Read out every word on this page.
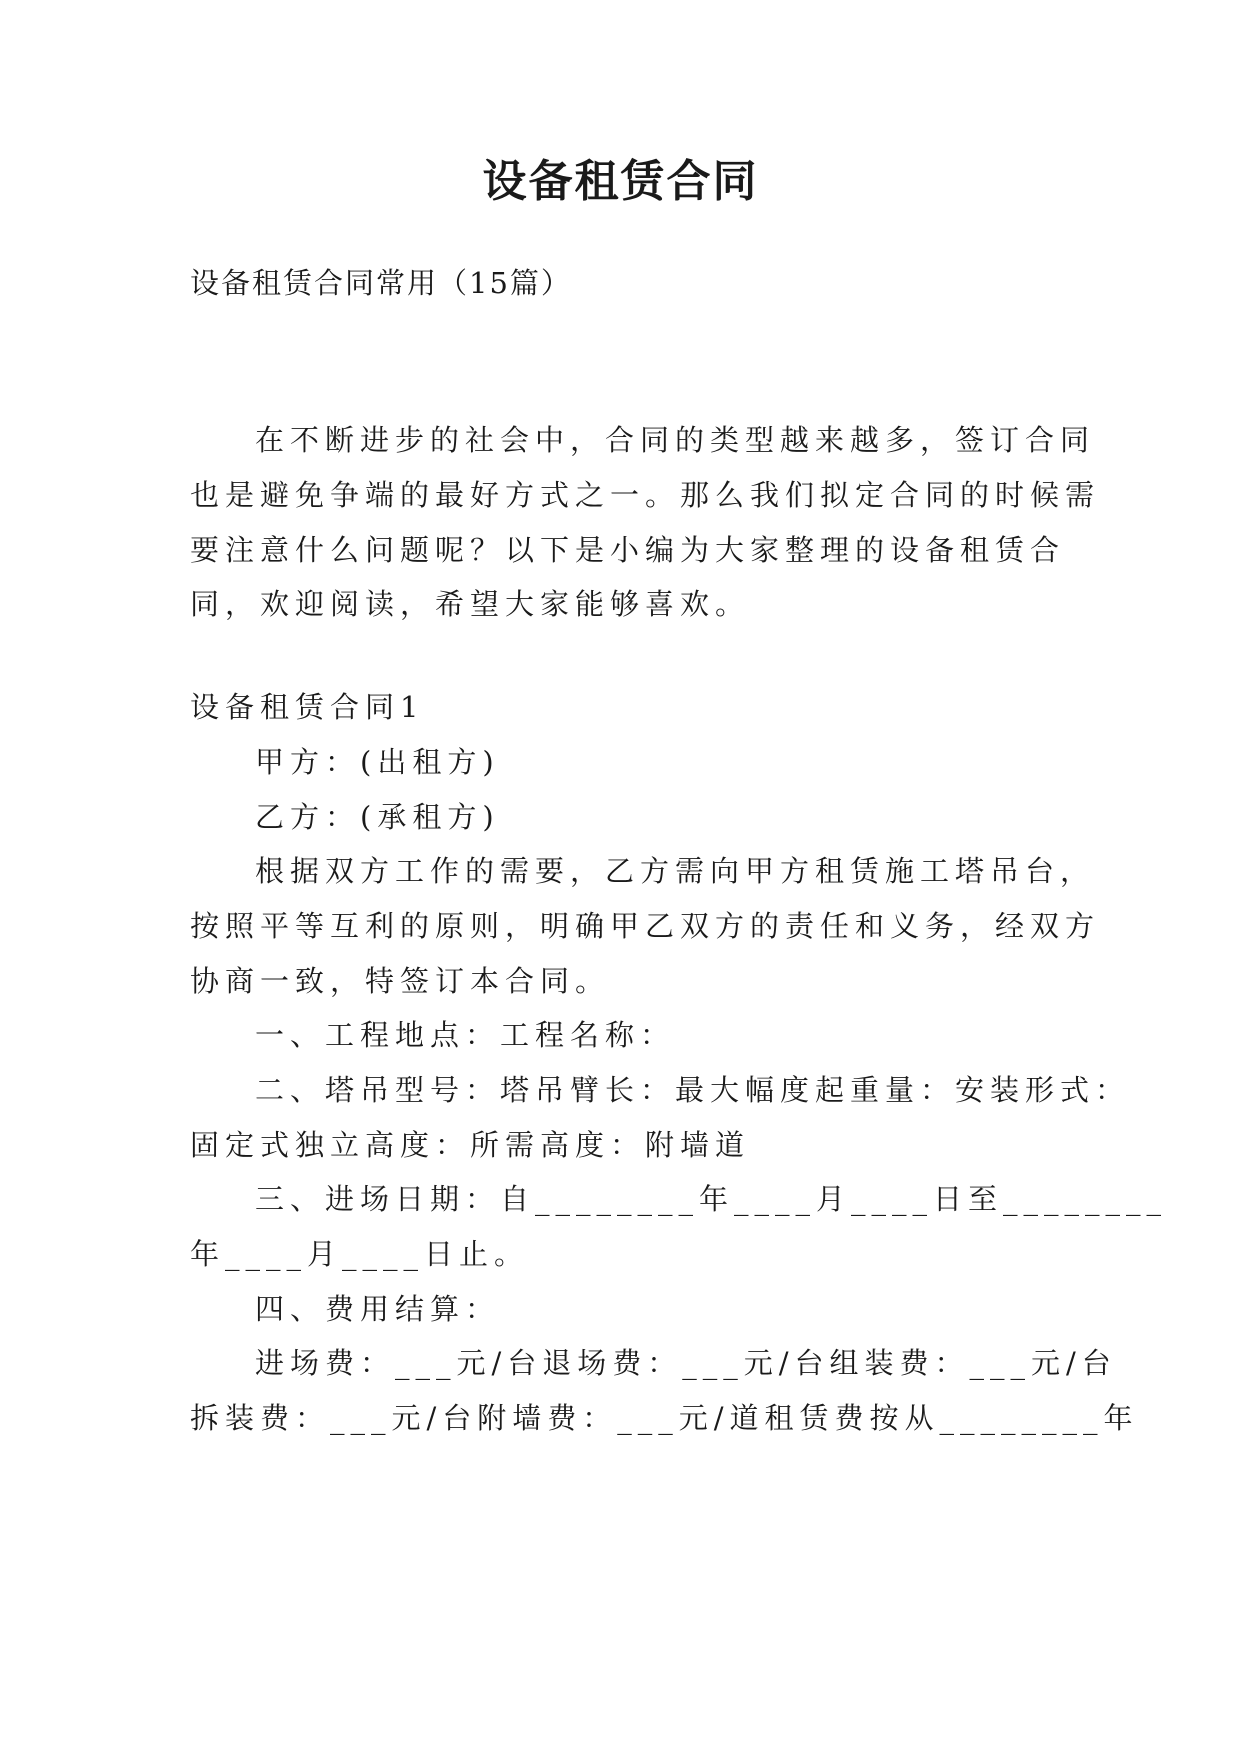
设备租赁合同
设备租赁合同常用（15篇）
在不断进步的社会中，合同的类型越来越多，签订合同
也是避免争端的最好方式之一。那么我们拟定合同的时候需
要注意什么问题呢？以下是小编为大家整理的设备租赁合
同，欢迎阅读，希望大家能够喜欢。
设备租赁合同1
甲方：(出租方)
乙方：(承租方)
根据双方工作的需要，乙方需向甲方租赁施工塔吊台，
按照平等互利的原则，明确甲乙双方的责任和义务，经双方
协商一致，特签订本合同。
一、工程地点：工程名称：
二、塔吊型号：塔吊臂长：最大幅度起重量：安装形式：
固定式独立高度：所需高度：附墙道
三、进场日期：自________年____月____日至________
年____月____日止。
四、费用结算：
进场费：___元/台退场费：___元/台组装费：___元/台
拆装费：___元/台附墙费：___元/道租赁费按从________年
